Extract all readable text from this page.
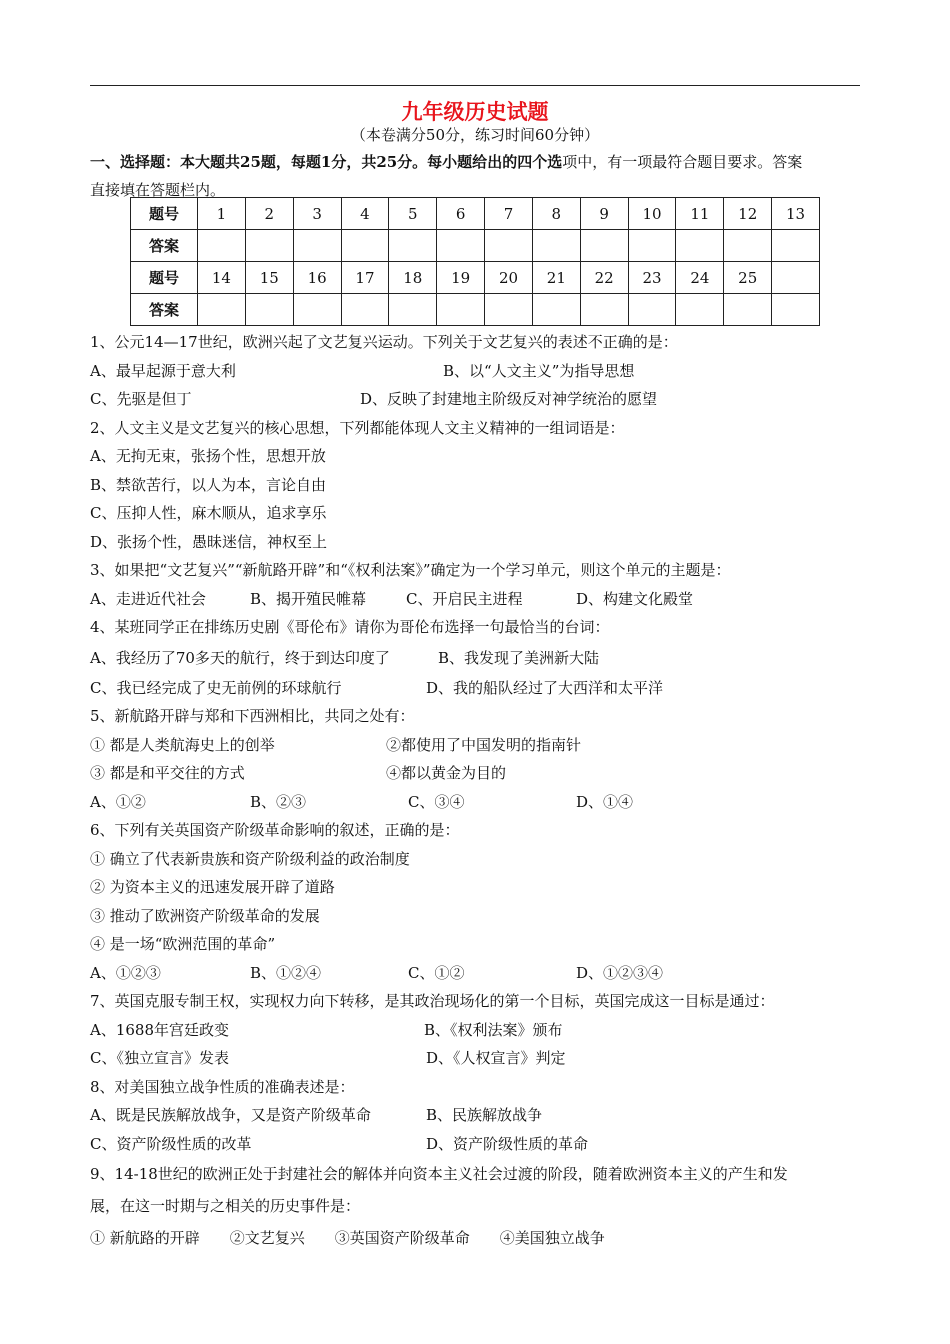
九年级历史试题
（本卷满分50分，练习时间60分钟）
一、选择题：本大题共25题，每题1分，共25分。每小题给出的四个选项中，有一项最符合题目要求。答案
直接填在答题栏内。
题号	1	2	3	4	5	6	7	8	9	10	11	12	13
答案													
题号	14	15	16	17	18	19	20	21	22	23	24	25	
答案													
1、公元14—17世纪，欧洲兴起了文艺复兴运动。下列关于文艺复兴的表述不正确的是：
A、最早起源于意大利	B、以“人文主义”为指导思想
C、先驱是但丁	D、反映了封建地主阶级反对神学统治的愿望
2、人文主义是文艺复兴的核心思想，下列都能体现人文主义精神的一组词语是：
A、无拘无束，张扬个性，思想开放
B、禁欲苦行，以人为本，言论自由
C、压抑人性，麻木顺从，追求享乐
D、张扬个性，愚昧迷信，神权至上
3、如果把“文艺复兴”“新航路开辟”和“《权利法案》”确定为一个学习单元，则这个单元的主题是：
A、走进近代社会	B、揭开殖民帷幕	C、开启民主进程	D、构建文化殿堂
4、某班同学正在排练历史剧《哥伦布》请你为哥伦布选择一句最恰当的台词：
A、我经历了70多天的航行，终于到达印度了	B、我发现了美洲新大陆
C、我已经完成了史无前例的环球航行	D、我的船队经过了大西洋和太平洋
5、新航路开辟与郑和下西洲相比，共同之处有：
① 都是人类航海史上的创举	②都使用了中国发明的指南针
③ 都是和平交往的方式	④都以黄金为目的
A、①②	B、②③	C、③④	D、①④
6、下列有关英国资产阶级革命影响的叙述，正确的是：
① 确立了代表新贵族和资产阶级利益的政治制度
② 为资本主义的迅速发展开辟了道路
③ 推动了欧洲资产阶级革命的发展
④ 是一场“欧洲范围的革命”
A、①②③	B、①②④	C、①②	D、①②③④
7、英国克服专制王权，实现权力向下转移，是其政治现场化的第一个目标，英国完成这一目标是通过：
A、1688年宫廷政变	B、《权利法案》颁布
C、《独立宣言》发表	D、《人权宣言》判定
8、对美国独立战争性质的准确表述是：
A、既是民族解放战争，又是资产阶级革命	B、民族解放战争
C、资产阶级性质的改革	D、资产阶级性质的革命
9、14-18世纪的欧洲正处于封建社会的解体并向资本主义社会过渡的阶段，随着欧洲资本主义的产生和发
展，在这一时期与之相关的历史事件是：
① 新航路的开辟　　②文艺复兴　　③英国资产阶级革命　　④美国独立战争
